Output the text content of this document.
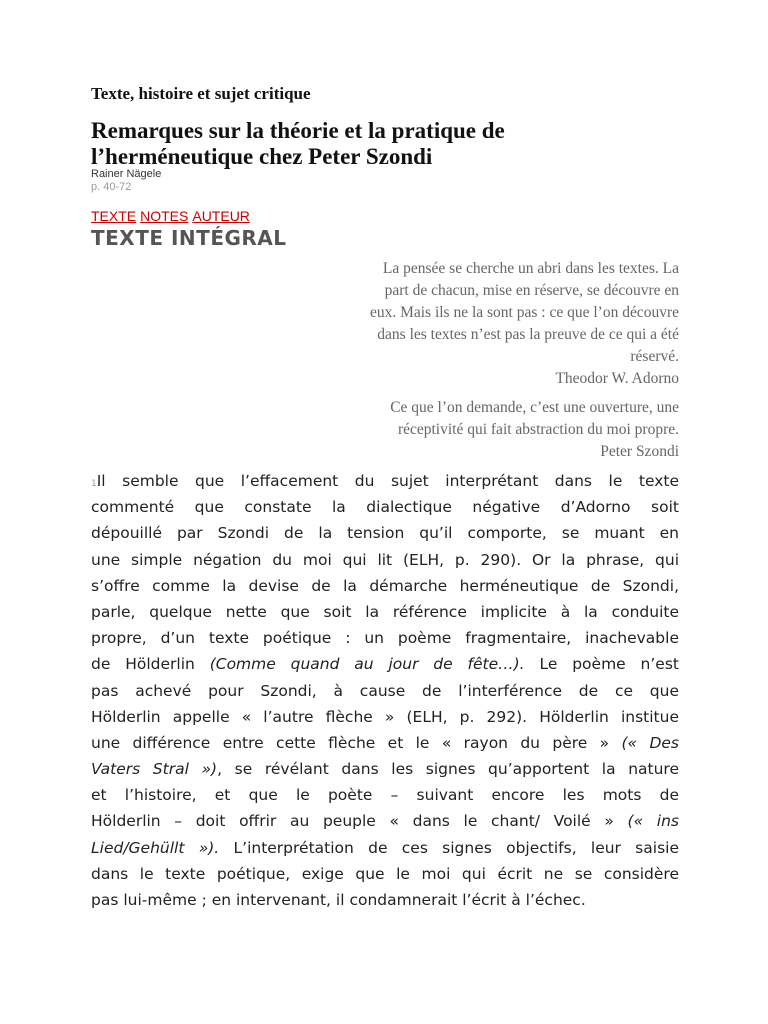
Texte, histoire et sujet critique
Remarques sur la théorie et la pratique de
l’herméneutique chez Peter Szondi
Rainer Nägele
p. 40-72
TEXTE NOTES AUTEUR
TEXTE INTÉGRAL
La pensée se cherche un abri dans les textes. La
part de chacun, mise en réserve, se découvre en
eux. Mais ils ne la sont pas : ce que l’on découvre
dans les textes n’est pas la preuve de ce qui a été
réservé.
Theodor W. Adorno
Ce que l’on demande, c’est une ouverture, une
réceptivité qui fait abstraction du moi propre.
Peter Szondi
1Il semble que l’effacement du sujet interprétant dans le texte
commenté que constate la dialectique négative d’Adorno soit
dépouillé par Szondi de la tension qu’il comporte, se muant en
une simple négation du moi qui lit (ELH, p. 290). Or la phrase, qui
s’offre comme la devise de la démarche herméneutique de Szondi,
parle, quelque nette que soit la référence implicite à la conduite
propre, d’un texte poétique : un poème fragmentaire, inachevable
de Hölderlin (Comme quand au jour de fête…). Le poème n’est
pas achevé pour Szondi, à cause de l’interférence de ce que
Hölderlin appelle « l’autre flèche » (ELH, p. 292). Hölderlin institue
une différence entre cette flèche et le « rayon du père » (« Des
Vaters Stral »), se révélant dans les signes qu’apportent la nature
et l’histoire, et que le poète – suivant encore les mots de
Hölderlin – doit offrir au peuple « dans le chant/ Voilé » (« ins
Lied/Gehüllt »). L’interprétation de ces signes objectifs, leur saisie
dans le texte poétique, exige que le moi qui écrit ne se considère
pas lui-même ; en intervenant, il condamnerait l’écrit à l’échec.
